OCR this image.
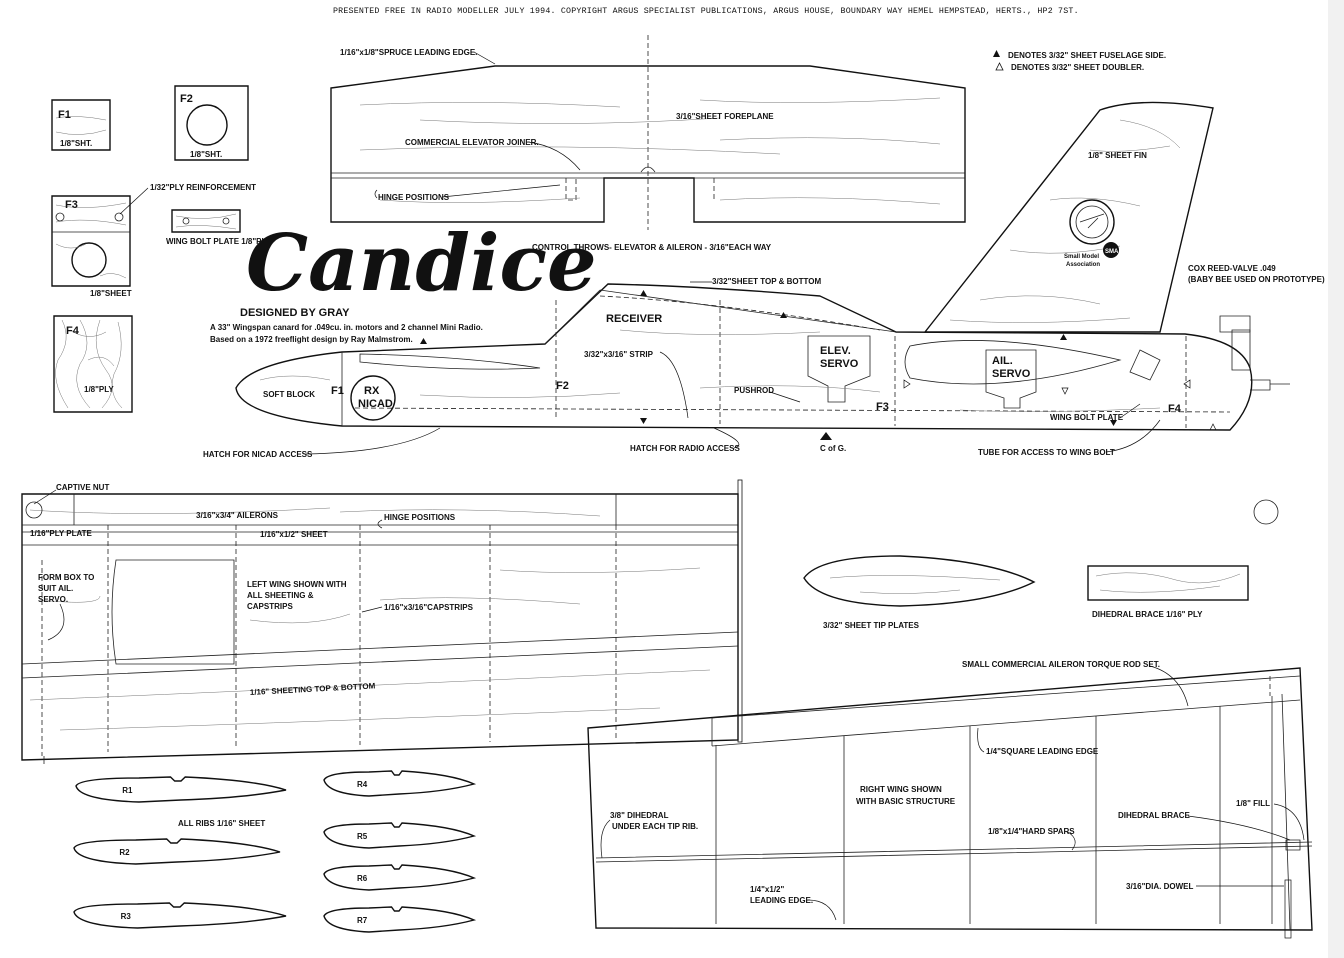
PRESENTED FREE IN RADIO MODELLER JULY 1994. COPYRIGHT ARGUS SPECIALIST PUBLICATIONS, ARGUS HOUSE, BOUNDARY WAY HEMEL HEMPSTEAD, HERTS., HP2 7ST.
F1
1/8"SHT.
F2
1/8"SHT.
F3
1/8"SHEET
1/32"PLY REINFORCEMENT
WING BOLT PLATE 1/8"PLY
F4
1/8"PLY
1/16"x1/8"SPRUCE LEADING EDGE.
3/16"SHEET FOREPLANE
COMMERCIAL ELEVATOR JOINER.
HINGE POSITIONS
DENOTES 3/32" SHEET FUSELAGE SIDE.
DENOTES 3/32" SHEET DOUBLER.
SMA
Small Model
Association
1/8" SHEET FIN
Candice
DESIGNED BY GRAY
A 33" Wingspan canard for .049cu. in. motors and 2 channel Mini Radio.
Based on a 1972 freeflight design by Ray Malmstrom.
COX REED-VALVE .049
(BABY BEE USED ON PROTOTYPE)
CONTROL THROWS- ELEVATOR & AILERON - 3/16"EACH WAY
3/32"SHEET TOP & BOTTOM
RECEIVER
3/32"x3/16" STRIP	ELEV.
SERVO	AIL.
SERVO
SOFT BLOCK	RX
NICAD
F1	F2
F3	F4
PUSHROD
WING BOLT PLATE
HATCH FOR NICAD ACCESS
HATCH FOR RADIO ACCESS	C of G.	TUBE FOR ACCESS TO WING BOLT
CAPTIVE NUT
3/16"x3/4" AILERONS	HINGE POSITIONS
1/16"PLY PLATE	1/16"x1/2" SHEET
FORM BOX TO
SUIT AIL.
SERVO.
LEFT WING SHOWN WITH
ALL SHEETING &
CAPSTRIPS	1/16"x3/16"CAPSTRIPS
1/16" SHEETING TOP & BOTTOM
3/32" SHEET TIP PLATES
DIHEDRAL BRACE 1/16" PLY
R1
R2
R3
R4
R5
R6
R7
ALL RIBS 1/16" SHEET
SMALL COMMERCIAL AILERON TORQUE ROD SET.
1/4"SQUARE LEADING EDGE
RIGHT WING SHOWN
WITH BASIC STRUCTURE
3/8" DIHEDRAL
UNDER EACH TIP RIB.
1/8"x1/4"HARD SPARS
DIHEDRAL BRACE
1/8" FILL
3/16"DIA. DOWEL
1/4"x1/2"
LEADING EDGE.
